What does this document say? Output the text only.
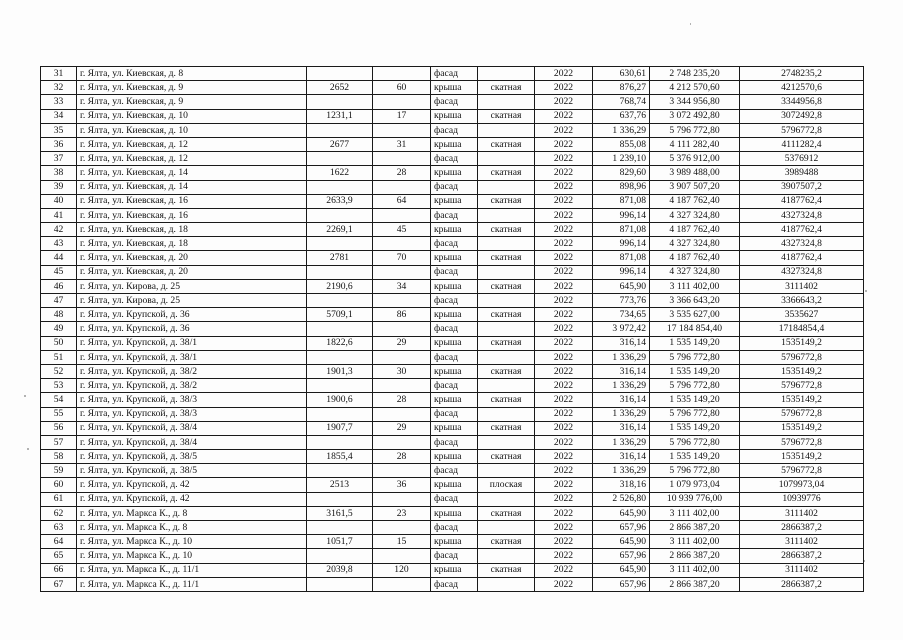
31	г. Ялта, ул. Киевская, д. 8			фасад		2022	630,61	2 748 235,20	2748235,2
32	г. Ялта, ул. Киевская, д. 9	2652	60	крыша	скатная	2022	876,27	4 212 570,60	4212570,6
33	г. Ялта, ул. Киевская, д. 9			фасад		2022	768,74	3 344 956,80	3344956,8
34	г. Ялта, ул. Киевская, д. 10	1231,1	17	крыша	скатная	2022	637,76	3 072 492,80	3072492,8
35	г. Ялта, ул. Киевская, д. 10			фасад		2022	1 336,29	5 796 772,80	5796772,8
36	г. Ялта, ул. Киевская, д. 12	2677	31	крыша	скатная	2022	855,08	4 111 282,40	4111282,4
37	г. Ялта, ул. Киевская, д. 12			фасад		2022	1 239,10	5 376 912,00	5376912
38	г. Ялта, ул. Киевская, д. 14	1622	28	крыша	скатная	2022	829,60	3 989 488,00	3989488
39	г. Ялта, ул. Киевская, д. 14			фасад		2022	898,96	3 907 507,20	3907507,2
40	г. Ялта, ул. Киевская, д. 16	2633,9	64	крыша	скатная	2022	871,08	4 187 762,40	4187762,4
41	г. Ялта, ул. Киевская, д. 16			фасад		2022	996,14	4 327 324,80	4327324,8
42	г. Ялта, ул. Киевская, д. 18	2269,1	45	крыша	скатная	2022	871,08	4 187 762,40	4187762,4
43	г. Ялта, ул. Киевская, д. 18			фасад		2022	996,14	4 327 324,80	4327324,8
44	г. Ялта, ул. Киевская, д. 20	2781	70	крыша	скатная	2022	871,08	4 187 762,40	4187762,4
45	г. Ялта, ул. Киевская, д. 20			фасад		2022	996,14	4 327 324,80	4327324,8
46	г. Ялта, ул. Кирова, д. 25	2190,6	34	крыша	скатная	2022	645,90	3 111 402,00	3111402
47	г. Ялта, ул. Кирова, д. 25			фасад		2022	773,76	3 366 643,20	3366643,2
48	г. Ялта, ул. Крупской, д. 36	5709,1	86	крыша	скатная	2022	734,65	3 535 627,00	3535627
49	г. Ялта, ул. Крупской, д. 36			фасад		2022	3 972,42	17 184 854,40	17184854,4
50	г. Ялта, ул. Крупской, д. 38/1	1822,6	29	крыша	скатная	2022	316,14	1 535 149,20	1535149,2
51	г. Ялта, ул. Крупской, д. 38/1			фасад		2022	1 336,29	5 796 772,80	5796772,8
52	г. Ялта, ул. Крупской, д. 38/2	1901,3	30	крыша	скатная	2022	316,14	1 535 149,20	1535149,2
53	г. Ялта, ул. Крупской, д. 38/2			фасад		2022	1 336,29	5 796 772,80	5796772,8
54	г. Ялта, ул. Крупской, д. 38/3	1900,6	28	крыша	скатная	2022	316,14	1 535 149,20	1535149,2
55	г. Ялта, ул. Крупской, д. 38/3			фасад		2022	1 336,29	5 796 772,80	5796772,8
56	г. Ялта, ул. Крупской, д. 38/4	1907,7	29	крыша	скатная	2022	316,14	1 535 149,20	1535149,2
57	г. Ялта, ул. Крупской, д. 38/4			фасад		2022	1 336,29	5 796 772,80	5796772,8
58	г. Ялта, ул. Крупской, д. 38/5	1855,4	28	крыша	скатная	2022	316,14	1 535 149,20	1535149,2
59	г. Ялта, ул. Крупской, д. 38/5			фасад		2022	1 336,29	5 796 772,80	5796772,8
60	г. Ялта, ул. Крупской, д. 42	2513	36	крыша	плоская	2022	318,16	1 079 973,04	1079973,04
61	г. Ялта, ул. Крупской, д. 42			фасад		2022	2 526,80	10 939 776,00	10939776
62	г. Ялта, ул. Маркса К., д. 8	3161,5	23	крыша	скатная	2022	645,90	3 111 402,00	3111402
63	г. Ялта, ул. Маркса К., д. 8			фасад		2022	657,96	2 866 387,20	2866387,2
64	г. Ялта, ул. Маркса К., д. 10	1051,7	15	крыша	скатная	2022	645,90	3 111 402,00	3111402
65	г. Ялта, ул. Маркса К., д. 10			фасад		2022	657,96	2 866 387,20	2866387,2
66	г. Ялта, ул. Маркса К., д. 11/1	2039,8	120	крыша	скатная	2022	645,90	3 111 402,00	3111402
67	г. Ялта, ул. Маркса К., д. 11/1			фасад		2022	657,96	2 866 387,20	2866387,2
